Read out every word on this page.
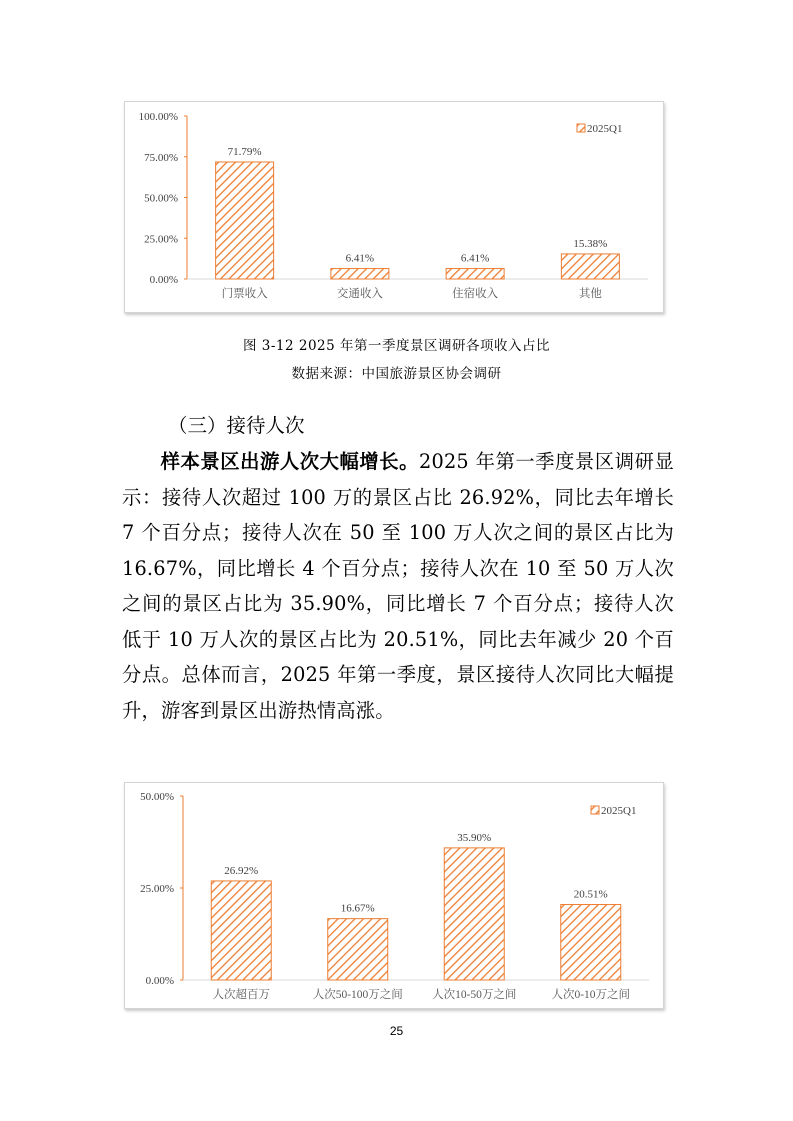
0.00%
25.00%
50.00%
75.00%
100.00%
71.79%
门票收入
6.41%
交通收入
6.41%
住宿收入
15.38%
其他
2025Q1
图 3-12 2025 年第一季度景区调研各项收入占比
数据来源：中国旅游景区协会调研
（三）接待人次

样本景区出游人次大幅增长。2025 年第一季度景区调研显示：接待人次超过 100 万的景区占比 26.92%，同比去年增长 7 个百分点；接待人次在 50 至 100 万人次之间的景区占比为 16.67%，同比增长 4 个百分点；接待人次在 10 至 50 万人次之间的景区占比为 35.90%，同比增长 7 个百分点；接待人次低于 10 万人次的景区占比为 20.51%，同比去年减少 20 个百分点。总体而言，2025 年第一季度，景区接待人次同比大幅提升，游客到景区出游热情高涨。

0.00%
25.00%
50.00%
26.92%
人次超百万
16.67%
人次50-100万之间
35.90%
人次10-50万之间
20.51%
人次0-10万之间
2025Q1
25
